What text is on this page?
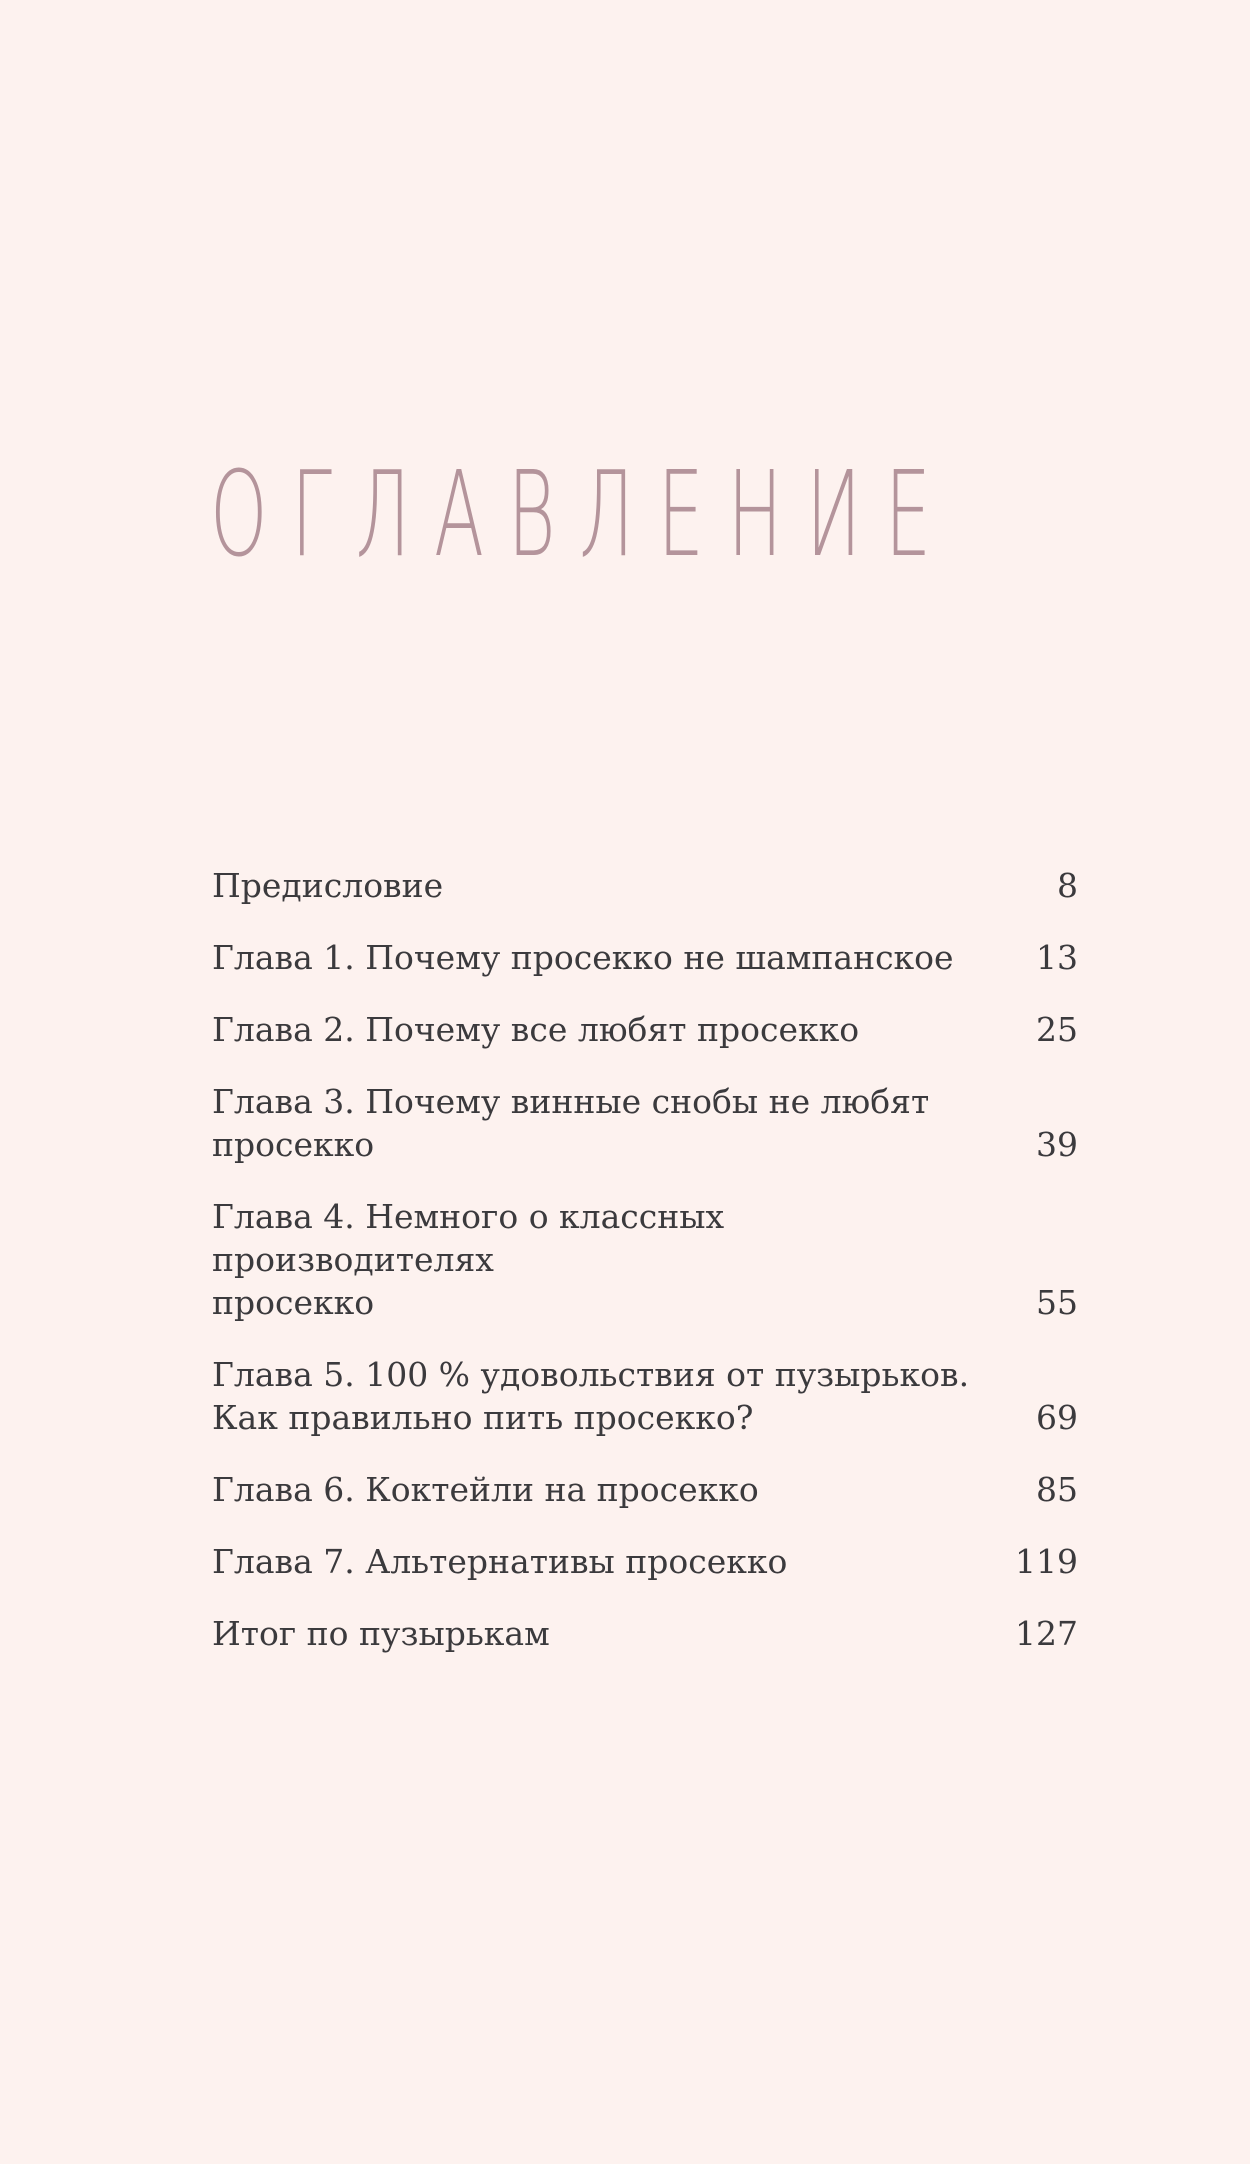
ОГЛАВЛЕНИЕ
Предисловие	8
Глава 1. Почему просекко не шампанское	13
Глава 2. Почему все любят просекко	25
Глава 3. Почему винные снобы не любят
просекко	39
Глава 4. Немного о классных производителях
просекко	55
Глава 5. 100 % удовольствия от пузырьков.
Как правильно пить просекко?	69
Глава 6. Коктейли на просекко	85
Глава 7. Альтернативы просекко	119
Итог по пузырькам	127
